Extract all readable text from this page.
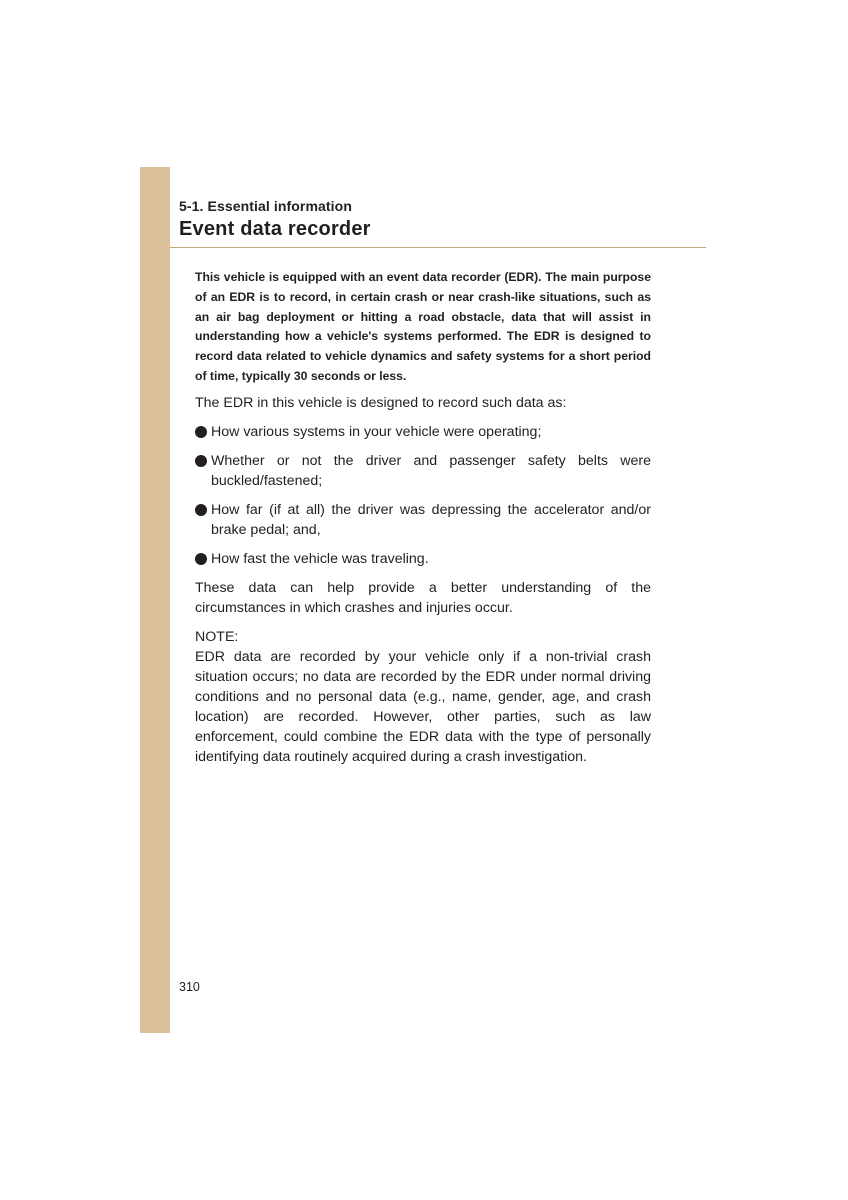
5-1. Essential information
Event data recorder

This vehicle is equipped with an event data recorder (EDR). The main purpose of an EDR is to record, in certain crash or near crash-like situations, such as an air bag deployment or hitting a road obstacle, data that will assist in understanding how a vehicle's systems performed. The EDR is designed to record data related to vehicle dynamics and safety systems for a short period of time, typically 30 seconds or less.

The EDR in this vehicle is designed to record such data as:

How various systems in your vehicle were operating;
Whether or not the driver and passenger safety belts were buckled/fastened;
How far (if at all) the driver was depressing the accelerator and/or brake pedal; and,
How fast the vehicle was traveling.

These data can help provide a better understanding of the circumstances in which crashes and injuries occur.

NOTE:
EDR data are recorded by your vehicle only if a non-trivial crash situation occurs; no data are recorded by the EDR under normal driving conditions and no personal data (e.g., name, gender, age, and crash location) are recorded. However, other parties, such as law enforcement, could combine the EDR data with the type of personally identifying data routinely acquired during a crash investigation.
310
